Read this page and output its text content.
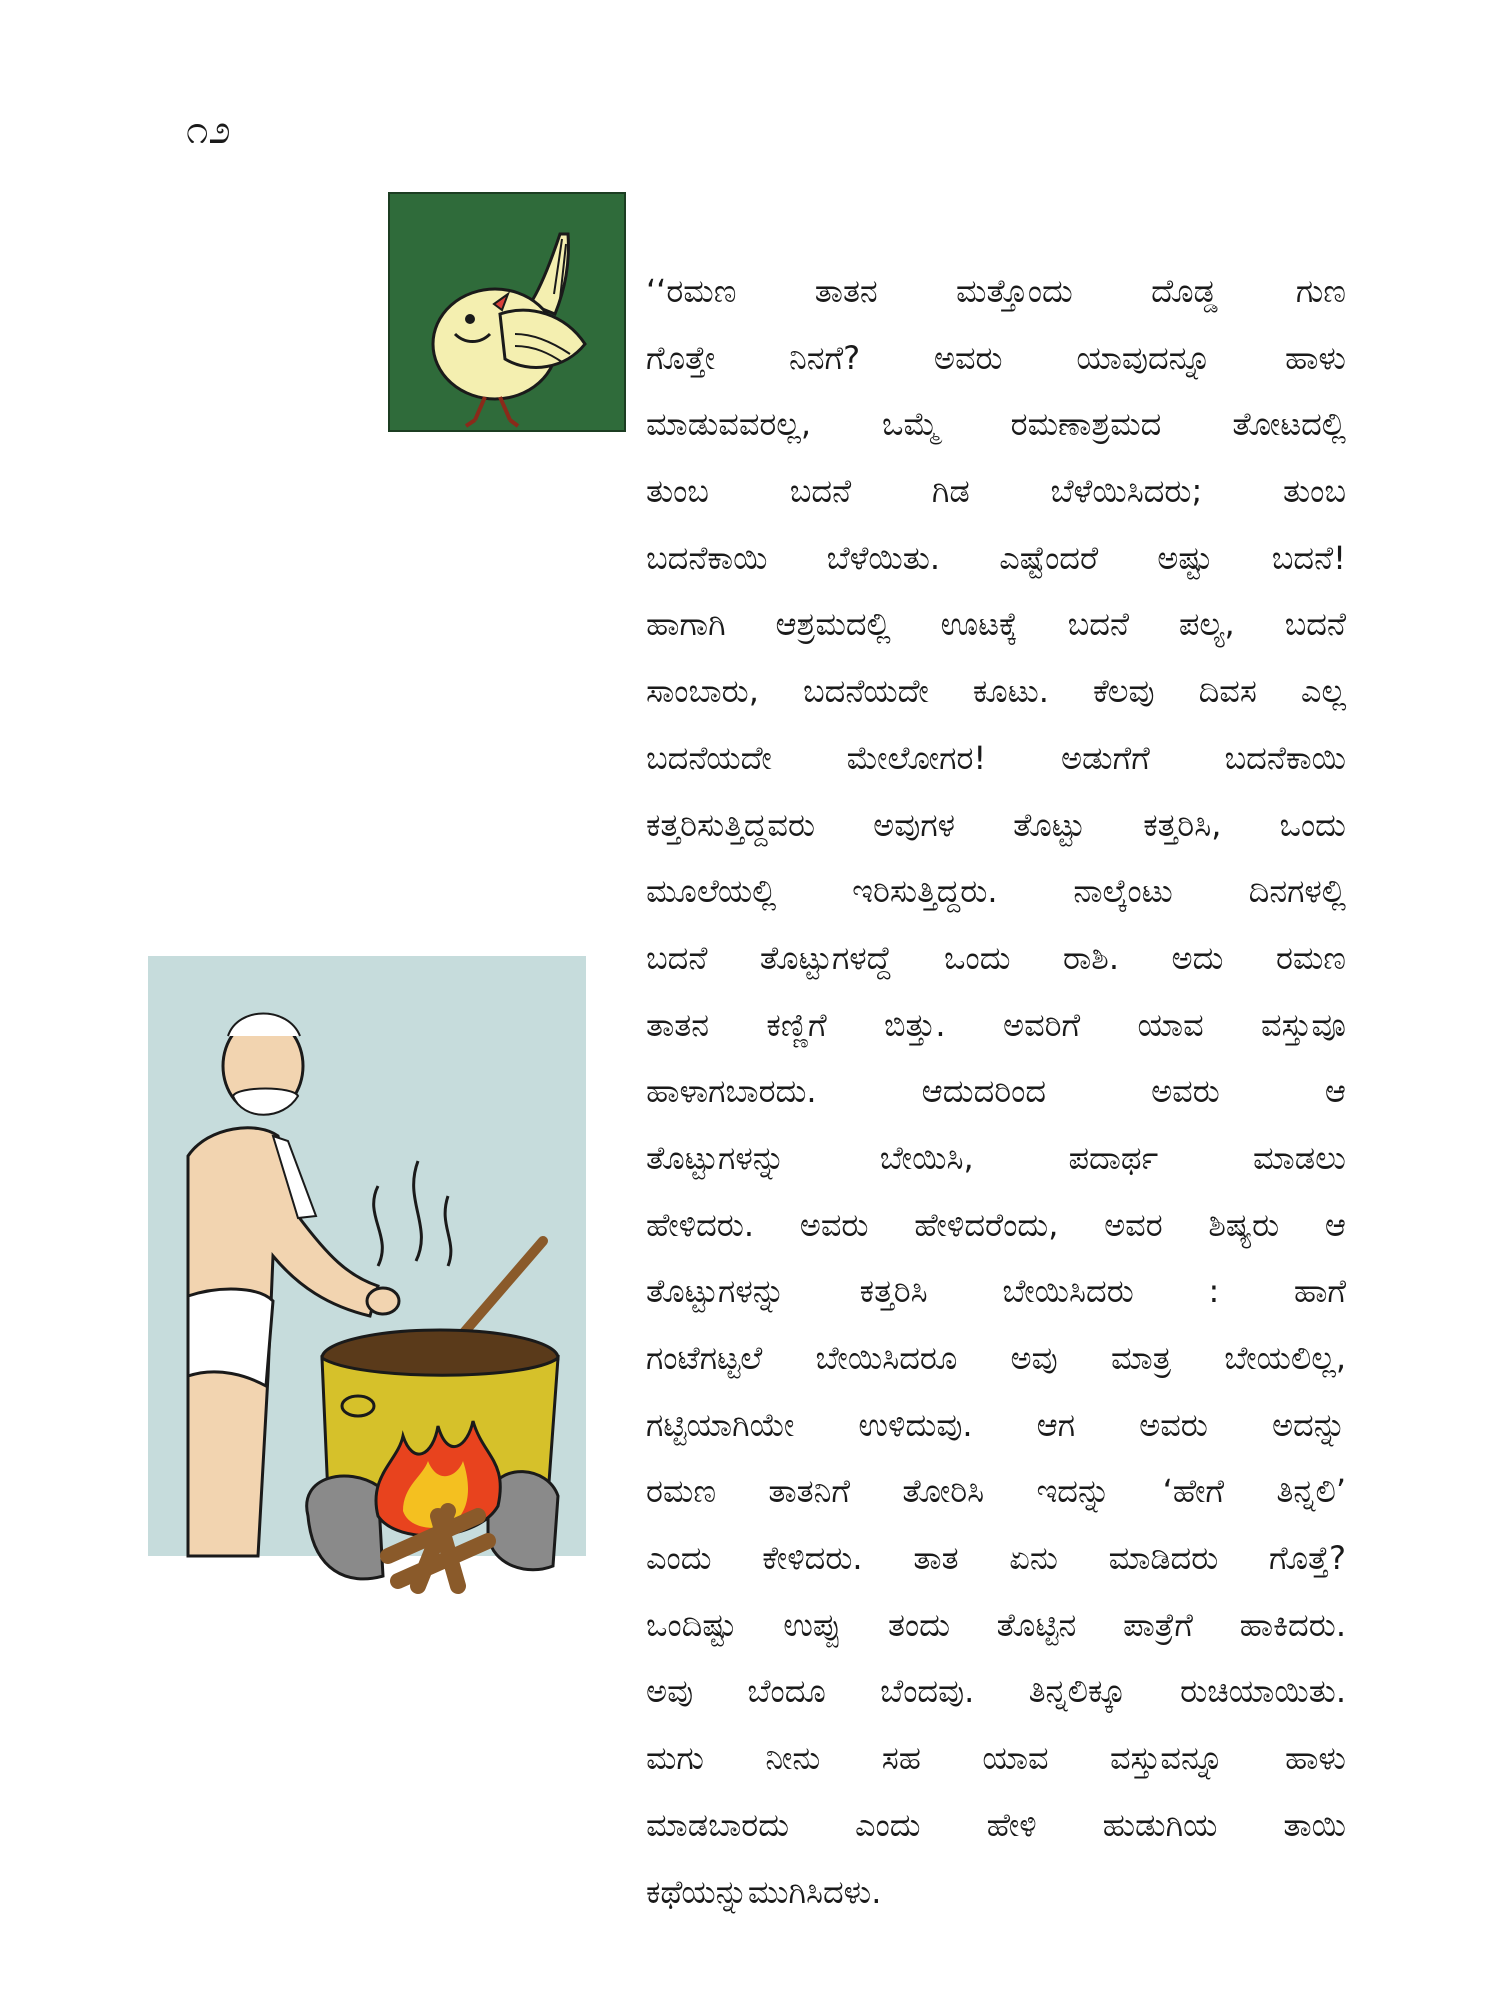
೧೨
‘‘ರಮಣ ತಾತನ ಮತ್ತೊಂದು ದೊಡ್ಡ ಗುಣ
ಗೊತ್ತೇ ನಿನಗೆ? ಅವರು ಯಾವುದನ್ನೂ ಹಾಳು
ಮಾಡುವವರಲ್ಲ, ಒಮ್ಮೆ ರಮಣಾಶ್ರಮದ ತೋಟದಲ್ಲಿ
ತುಂಬ ಬದನೆ ಗಿಡ ಬೆಳೆಯಿಸಿದರು; ತುಂಬ
ಬದನೆಕಾಯಿ ಬೆಳೆಯಿತು. ಎಷ್ಟೆಂದರೆ ಅಷ್ಟು ಬದನೆ!
ಹಾಗಾಗಿ ಆಶ್ರಮದಲ್ಲಿ ಊಟಕ್ಕೆ ಬದನೆ ಪಲ್ಯ, ಬದನೆ
ಸಾಂಬಾರು, ಬದನೆಯದೇ ಕೂಟು. ಕೆಲವು ದಿವಸ ಎಲ್ಲ
ಬದನೆಯದೇ ಮೇಲೋಗರ! ಅಡುಗೆಗೆ ಬದನೆಕಾಯಿ
ಕತ್ತರಿಸುತ್ತಿದ್ದವರು ಅವುಗಳ ತೊಟ್ಟು ಕತ್ತರಿಸಿ, ಒಂದು
ಮೂಲೆಯಲ್ಲಿ ಇರಿಸುತ್ತಿದ್ದರು. ನಾಲ್ಕೆಂಟು ದಿನಗಳಲ್ಲಿ
ಬದನೆ ತೊಟ್ಟುಗಳದ್ದೆ ಒಂದು ರಾಶಿ. ಅದು ರಮಣ
ತಾತನ ಕಣ್ಣಿಗೆ ಬಿತ್ತು. ಅವರಿಗೆ ಯಾವ ವಸ್ತುವೂ
ಹಾಳಾಗಬಾರದು. ಆದುದರಿಂದ ಅವರು ಆ
ತೊಟ್ಟುಗಳನ್ನು ಬೇಯಿಸಿ, ಪದಾರ್ಥ ಮಾಡಲು
ಹೇಳಿದರು. ಅವರು ಹೇಳಿದರೆಂದು, ಅವರ ಶಿಷ್ಯರು ಆ
ತೊಟ್ಟುಗಳನ್ನು ಕತ್ತರಿಸಿ ಬೇಯಿಸಿದರು : ಹಾಗೆ
ಗಂಟೆಗಟ್ಟಲೆ ಬೇಯಿಸಿದರೂ ಅವು ಮಾತ್ರ ಬೇಯಲಿಲ್ಲ,
ಗಟ್ಟಿಯಾಗಿಯೇ ಉಳಿದುವು. ಆಗ ಅವರು ಅದನ್ನು
ರಮಣ ತಾತನಿಗೆ ತೋರಿಸಿ ಇದನ್ನು ‘ಹೇಗೆ ತಿನ್ನಲಿ’
ಎಂದು ಕೇಳಿದರು. ತಾತ ಏನು ಮಾಡಿದರು ಗೊತ್ತೆ?
ಒಂದಿಷ್ಟು ಉಪ್ಪು ತಂದು ತೊಟ್ಟಿನ ಪಾತ್ರೆಗೆ ಹಾಕಿದರು.
ಅವು ಬೆಂದೂ ಬೆಂದವು. ತಿನ್ನಲಿಕ್ಕೂ ರುಚಿಯಾಯಿತು.
ಮಗು ನೀನು ಸಹ ಯಾವ ವಸ್ತುವನ್ನೂ ಹಾಳು
ಮಾಡಬಾರದು ಎಂದು ಹೇಳಿ ಹುಡುಗಿಯ ತಾಯಿ
ಕಥೆಯನ್ನುಮುಗಿಸಿದಳು.
